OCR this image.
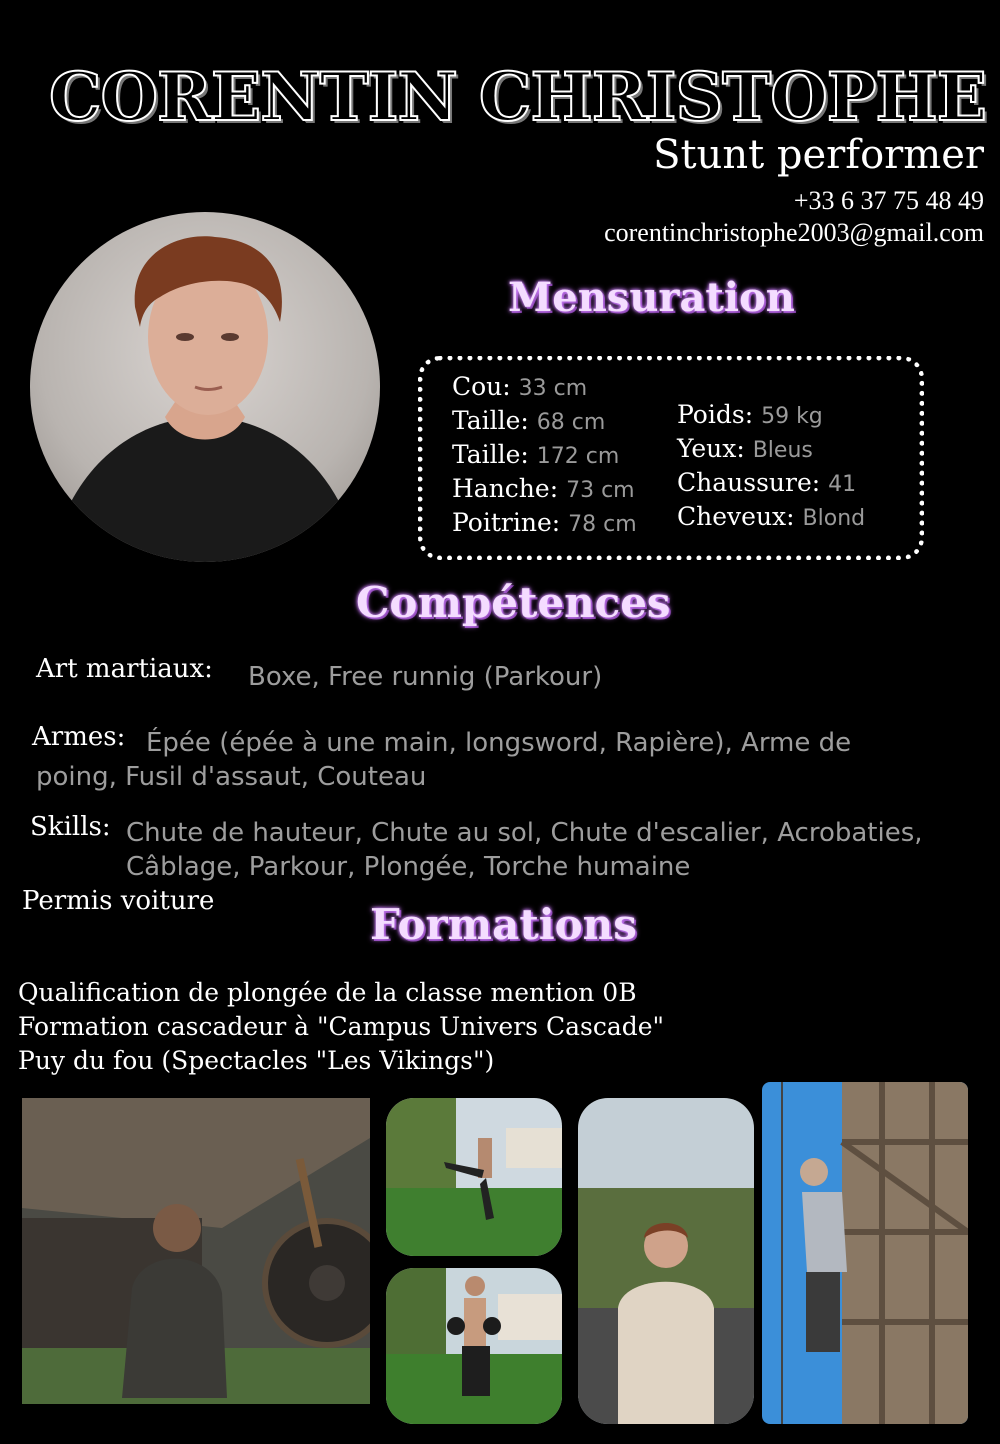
CORENTIN CHRISTOPHE
Stunt performer
+33 6 37 75 48 49
corentinchristophe2003@gmail.com
Mensuration
Cou: 33 cm
Taille: 68 cm
Taille: 172 cm
Hanche: 73 cm
Poitrine: 78 cm
Poids: 59 kg
Yeux: Bleus
Chaussure: 41
Cheveux: Blond
Compétences
Art martiaux: Boxe, Free runnig (Parkour)
Armes: Épée (épée à une main, longsword, Rapière), Arme de
poing, Fusil d'assaut, Couteau
Skills: Chute de hauteur, Chute au sol, Chute d'escalier, Acrobaties,
Câblage, Parkour, Plongée, Torche humaine
Permis voiture	Formations
Qualification de plongée de la classe mention 0B
Formation cascadeur à "Campus Univers Cascade"
Puy du fou (Spectacles "Les Vikings")
